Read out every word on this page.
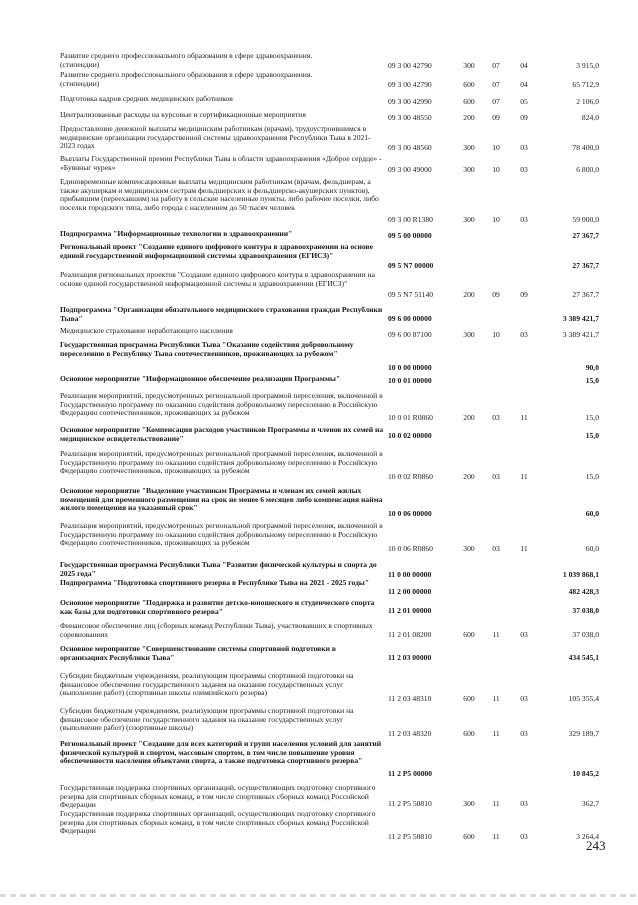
Развитие среднего профессионального образования в сфере здравоохранения.
(стипендии)	09 3 00 42790	300	07	04	3 915,0
Развитие среднего профессионального образования в сфере здравоохранения.
(стипендии)	09 3 00 42790	600	07	04	65 712,9
Подготовка кадров средних медицинских работников	09 3 00 42990	600	07	05	2 106,0
Централизованные расходы на курсовые и сертификационные мероприятия	09 3 00 48550	200	09	09	824,0
Предоставление денежной выплаты медицинским работникам (врачам), трудоустроившимся в медицинские организации государственной системы здравоохранения Республики Тыва в 2021-2023 годах	09 3 00 48560	300	10	03	78 400,0
Выплаты Государственной премии Республики Тыва в области здравоохранения «Доброе сердце» - «Буянныг чурек»	09 3 00 49000	300	10	03	6 800,0
Единовременные компенсационные выплаты медицинским работникам (врачам, фельдшерам, а также акушеркам и медицинским сестрам фельдшерских и фельдшерско-акушерских пунктов), прибывшим (переехавшим) на работу в сельские населенные пункты, либо рабочие поселки, либо поселки городского типа, либо города с населением до 50 тысяч человек
09 3 00 R1380	300	10	03	59 000,0
Подпрограмма "Информационные технологии в здравоохранении"	09 5 00 00000	27 367,7
Региональный проект "Создание единого цифрового контура в здравоохранении на основе единой государственной информационной системы здравоохранения (ЕГИСЗ)"
09 5 N7 00000	27 367,7
Реализация региональных проектов "Создание единого цифрового контура в здравоохранении на основе единой государственной информационной системы в здравоохранении (ЕГИСЗ)"
09 5 N7 51140	200	09	09	27 367,7
Подпрограмма "Организация обязательного медицинского страхования граждан Республики Тыва"	09 6 00 00000	3 389 421,7
Медицинское страхование неработающего населения	09 6 00 87100	300	10	03	3 389 421,7
Государственная программа Республики Тыва "Оказание содействия добровольному переселению в Республику Тыва соотечественников, проживающих за рубежом"
10 0 00 00000	90,0
Основное мероприятие "Информационное обеспечение реализации Программы"	10 0 01 00000	15,0
Реализация мероприятий, предусмотренных региональной программой переселения, включенной в Государственную программу по оказанию содействия добровольному переселению в Российскую Федерацию соотечественников, проживающих за рубежом
10 0 01 R0860	200	03	11	15,0
Основное мероприятие "Компенсация расходов участников Программы и членов их семей на медицинское освидетельствование"	10 0 02 00000	15,0
Реализация мероприятий, предусмотренных региональной программой переселения, включенной в Государственную программу по оказанию содействия добровольному переселению в Российскую Федерацию соотечественников, проживающих за рубежом
10 0 02 R0860	200	03	11	15,0
Основное мероприятие "Выделение участникам Программы и членам их семей жилых помещений для временного размещения на срок не менее 6 месяцев либо компенсация найма жилого помещения на указанный срок"
10 0 06 00000	60,0
Реализация мероприятий, предусмотренных региональной программой переселения, включенной в Государственную программу по оказанию содействия добровольному переселению в Российскую Федерацию соотечественников, проживающих за рубежом
10 0 06 R0860	300	03	11	60,0
Государственная программа Республики Тыва "Развитие физической культуры и спорта до 2025 года"	11 0 00 00000	1 039 868,1
Подпрограмма "Подготовка спортивного резерва в Республике Тыва на 2021 - 2025 годы"
11 2 00 00000	482 428,3
Основное мероприятие "Поддержка и развитие детско-юношеского и студенческого спорта как базы для подготовки спортивного резерва"	11 2 01 00000	37 038,0
Финансовое обеспечение лиц (сборных команд Республики Тыва), участвовавших в спортивных соревнованиях	11 2 01 08200	600	11	03	37 038,0
Основное мероприятие "Совершенствование системы спортивной подготовки в организациях Республики Тыва"	11 2 03 00000	434 545,1
Субсидии бюджетным учреждениям, реализующим программы спортивной подготовки на финансовое обеспечение государственного задания на оказание государственных услуг (выполнение работ) (спортивные школы олимпийского резерва)
11 2 03 48310	600	11	03	105 355,4
Субсидии бюджетным учреждениям, реализующим программы спортивной подготовки на финансовое обеспечение государственного задания на оказание государственных услуг (выполнение работ) (спортивные школы)
11 2 03 48320	600	11	03	329 189,7
Региональный проект "Создание для всех категорий и групп населения условий для занятий физической культурой и спортом, массовым спортом, в том числе повышение уровня обеспеченности населения объектами спорта, а также подготовка спортивного резерва"
11 2 P5 00000	10 845,2
Государственная поддержка спортивных организаций, осуществляющих подготовку спортивного резерва для спортивных сборных команд, в том числе спортивных сборных команд Российской Федерации	11 2 P5 50810	300	11	03	362,7
Государственная поддержка спортивных организаций, осуществляющих подготовку спортивного резерва для спортивных сборных команд, в том числе спортивных сборных команд Российской Федерации
11 2 P5 50810	600	11	03	3 264,4
243
